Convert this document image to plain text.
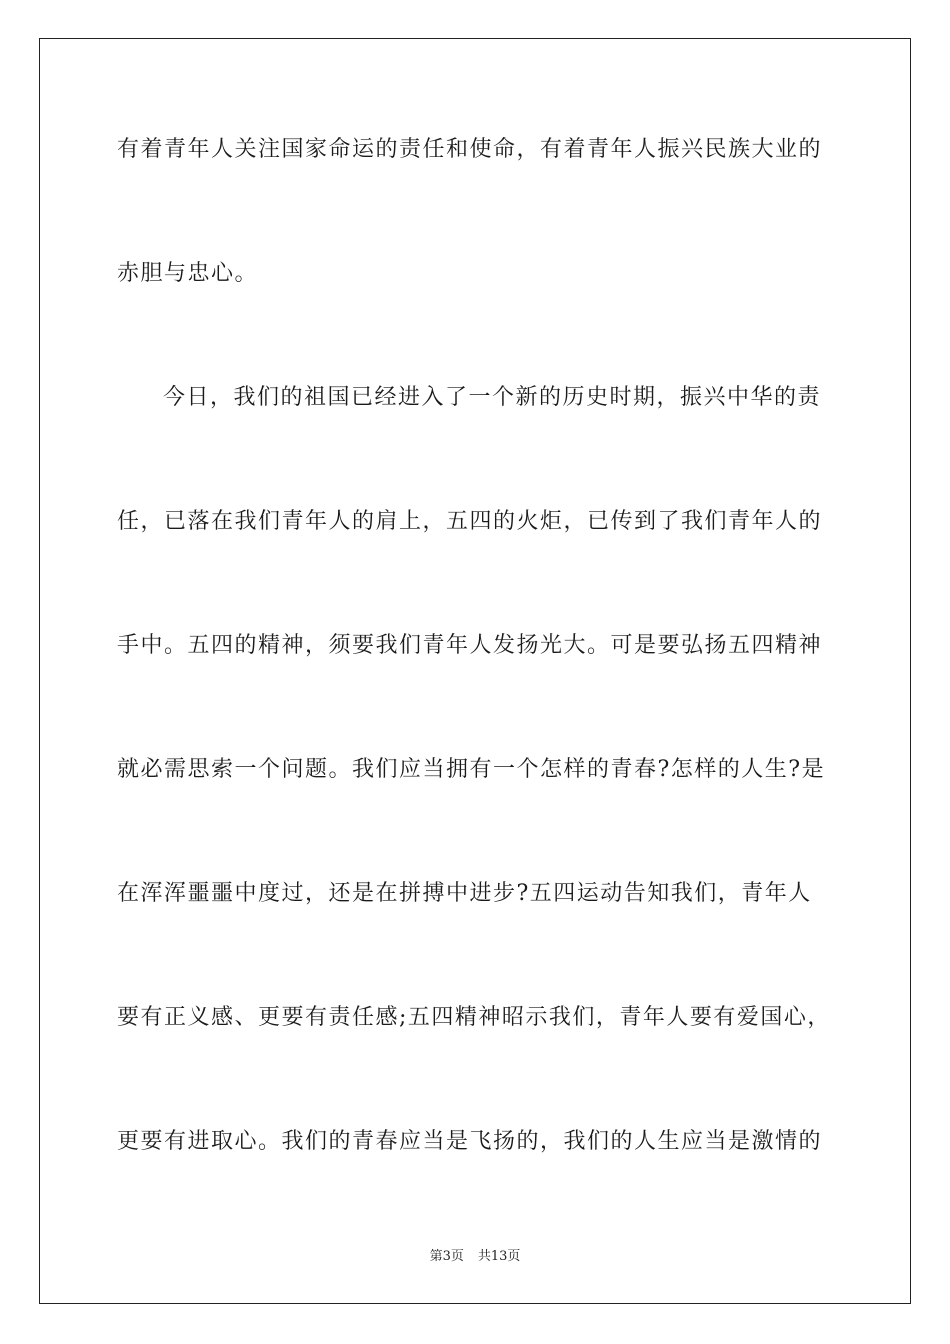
有着青年人关注国家命运的责任和使命，有着青年人振兴民族大业的
赤胆与忠心。
今日，我们的祖国已经进入了一个新的历史时期，振兴中华的责
任，已落在我们青年人的肩上，五四的火炬，已传到了我们青年人的
手中。五四的精神，须要我们青年人发扬光大。可是要弘扬五四精神
就必需思索一个问题。我们应当拥有一个怎样的青春?怎样的人生?是
在浑浑噩噩中度过，还是在拼搏中进步?五四运动告知我们，青年人
要有正义感、更要有责任感;五四精神昭示我们，青年人要有爱国心，
更要有进取心。我们的青春应当是飞扬的，我们的人生应当是激情的
第3页 共13页
